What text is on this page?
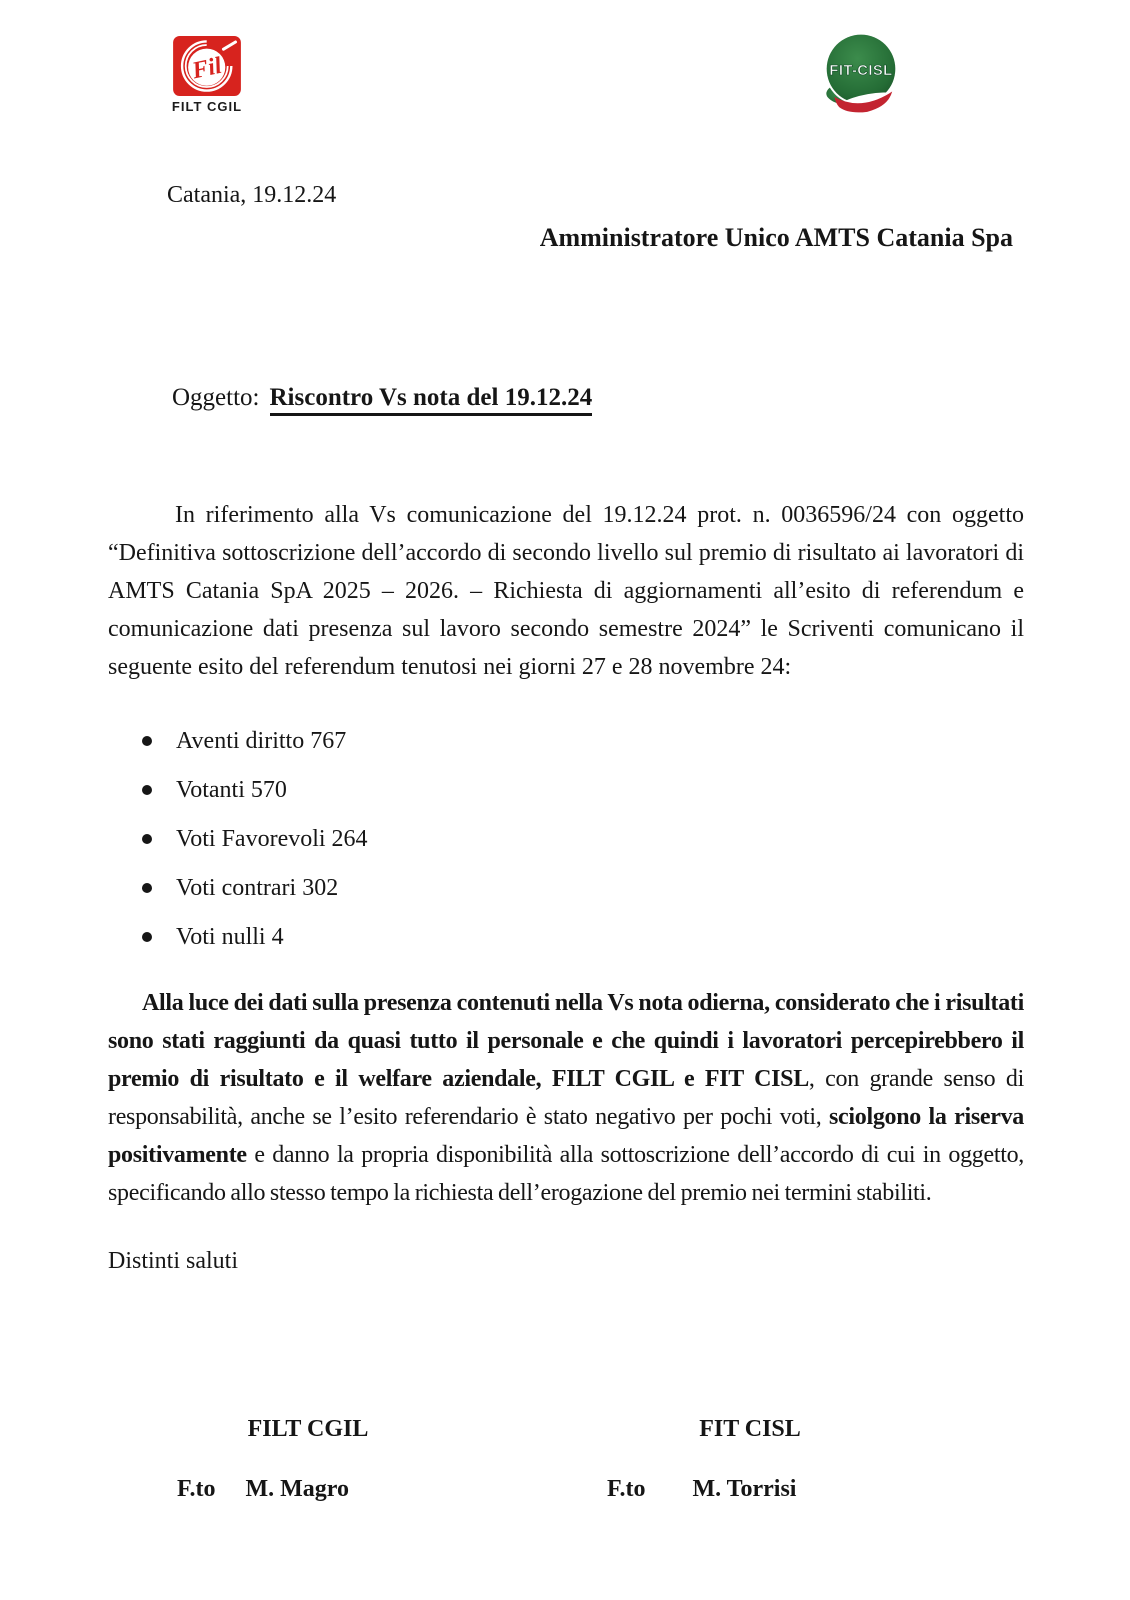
Fil
FILT CGIL
FIT-CISL
Catania, 19.12.24
Amministratore Unico AMTS Catania Spa
Oggetto: Riscontro Vs nota del 19.12.24

In riferimento alla Vs comunicazione del 19.12.24 prot. n. 0036596/24 con oggetto “Definitiva sottoscrizione dell’accordo di secondo livello sul premio di risultato ai lavoratori di AMTS Catania SpA 2025 – 2026. – Richiesta di aggiornamenti all’esito di referendum e comunicazione dati presenza sul lavoro secondo semestre 2024” le Scriventi comunicano il seguente esito del referendum tenutosi nei giorni 27 e 28 novembre 24:

Aventi diritto 767
Votanti 570
Voti Favorevoli 264
Voti contrari 302
Voti nulli 4

Alla luce dei dati sulla presenza contenuti nella Vs nota odierna, considerato che i risultati sono stati raggiunti da quasi tutto il personale e che quindi i lavoratori percepirebbero il premio di risultato e il welfare aziendale, FILT CGIL e FIT CISL, con grande senso di responsabilità, anche se l’esito referendario è stato negativo per pochi voti, sciolgono la riserva positivamente e danno la propria disponibilità alla sottoscrizione dell’accordo di cui in oggetto, specificando allo stesso tempo la richiesta dell’erogazione del premio nei termini stabiliti.

Distinti saluti
FILT CGIL
F.to M. Magro
FIT CISL
F.to M. Torrisi
